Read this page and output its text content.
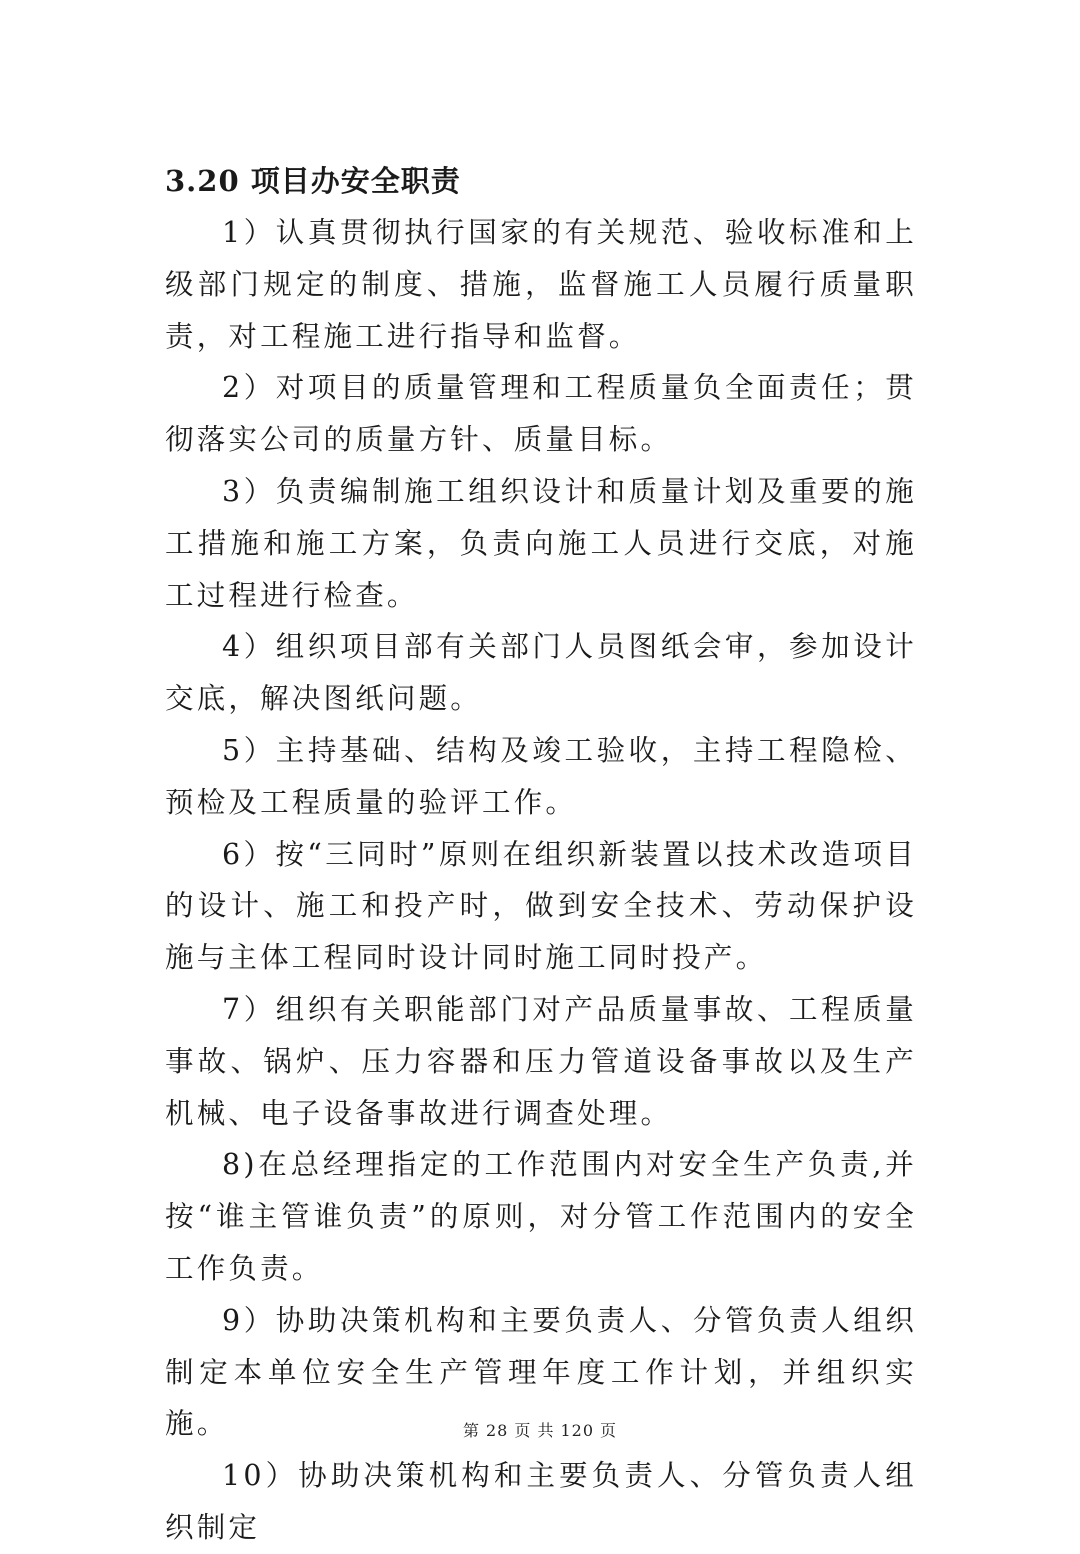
3.20 项目办安全职责

1）认真贯彻执行国家的有关规范、验收标准和上级部门规定的制度、措施，监督施工人员履行质量职责，对工程施工进行指导和监督。

2）对项目的质量管理和工程质量负全面责任；贯彻落实公司的质量方针、质量目标。

3）负责编制施工组织设计和质量计划及重要的施工措施和施工方案，负责向施工人员进行交底，对施工过程进行检查。

4）组织项目部有关部门人员图纸会审，参加设计交底，解决图纸问题。

5）主持基础、结构及竣工验收，主持工程隐检、预检及工程质量的验评工作。

6）按“三同时”原则在组织新装置以技术改造项目的设计、施工和投产时，做到安全技术、劳动保护设施与主体工程同时设计同时施工同时投产。

7）组织有关职能部门对产品质量事故、工程质量事故、锅炉、压力容器和压力管道设备事故以及生产机械、电子设备事故进行调查处理。

8)在总经理指定的工作范围内对安全生产负责,并按“谁主管谁负责”的原则，对分管工作范围内的安全工作负责。

9）协助决策机构和主要负责人、分管负责人组织制定本单位安全生产管理年度工作计划，并组织实施。

10）协助决策机构和主要负责人、分管负责人组织制定

第 28 页 共 120 页
